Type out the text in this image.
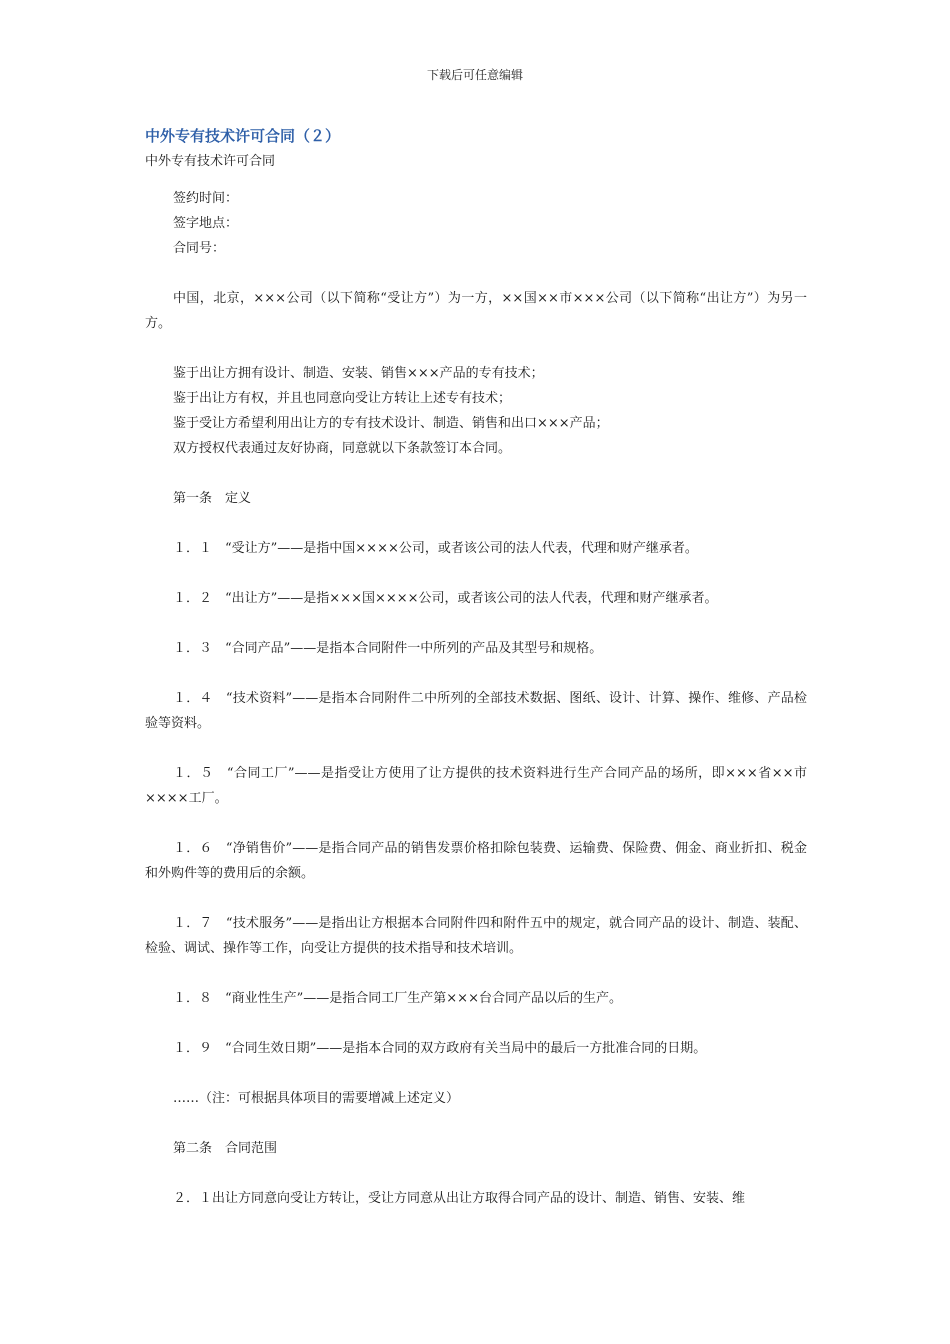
下载后可任意编辑
中外专有技术许可合同（２）
中外专有技术许可合同
签约时间：
签字地点：
合同号：
中国，北京，×××公司（以下简称“受让方”）为一方，××国××市×××公司（以下简称“出让方”）为另一方。
鉴于出让方拥有设计、制造、安装、销售×××产品的专有技术；
鉴于出让方有权，并且也同意向受让方转让上述专有技术；
鉴于受让方希望利用出让方的专有技术设计、制造、销售和出口×××产品；
双方授权代表通过友好协商，同意就以下条款签订本合同。
第一条　定义
１．１　“受让方”——是指中国××××公司，或者该公司的法人代表，代理和财产继承者。
１．２　“出让方”——是指×××国××××公司，或者该公司的法人代表，代理和财产继承者。
１．３　“合同产品”——是指本合同附件一中所列的产品及其型号和规格。
１．４　“技术资料”——是指本合同附件二中所列的全部技术数据、图纸、设计、计算、操作、维修、产品检验等资料。
１．５　“合同工厂”——是指受让方使用了让方提供的技术资料进行生产合同产品的场所，即×××省××市××××工厂。
１．６　“净销售价”——是指合同产品的销售发票价格扣除包装费、运输费、保险费、佣金、商业折扣、税金和外购件等的费用后的余额。
１．７　“技术服务”——是指出让方根据本合同附件四和附件五中的规定，就合同产品的设计、制造、装配、检验、调试、操作等工作，向受让方提供的技术指导和技术培训。
１．８　“商业性生产”——是指合同工厂生产第×××台合同产品以后的生产。
１．９　“合同生效日期”——是指本合同的双方政府有关当局中的最后一方批准合同的日期。
……（注：可根据具体项目的需要增减上述定义）
第二条　合同范围
２．１出让方同意向受让方转让，受让方同意从出让方取得合同产品的设计、制造、销售、安装、维
